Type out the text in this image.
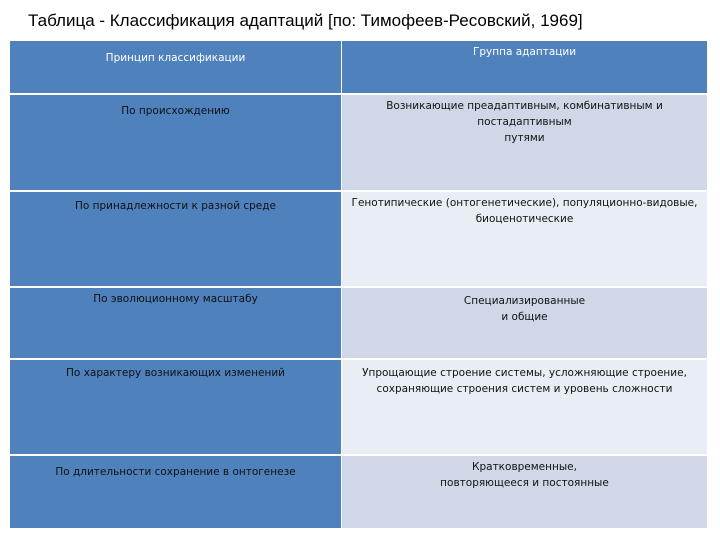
Таблица - Классификация адаптаций [по: Тимофеев-Ресовский, 1969]
Принцип классификации	Группа адаптации

По происхождению	Возникающие преадаптивным, комбинативным и постадаптивным
путями

По принадлежности к разной среде	Генотипические (онтогенетические), популяционно-видовые,
биоценотические

По эволюционному масштабу	Специализированные
и общие

По характеру возникающих изменений	Упрощающие строение системы, усложняющие строение,
сохраняющие строения систем и уровень сложности

По длительности сохранение в онтогенезе	Кратковременные,
повторяющееся и постоянные
